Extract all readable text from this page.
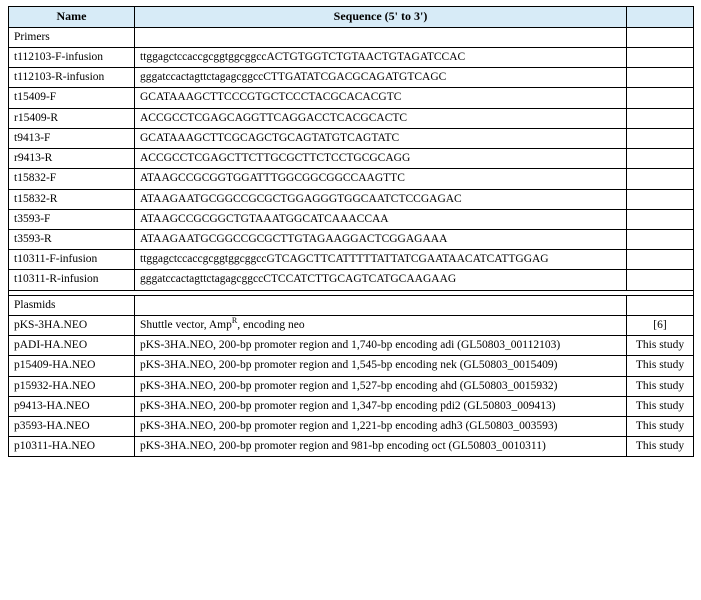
Name	Sequence (5' to 3')	
Primers		
t112103-F-infusion	ttggagctccaccgcggtggcggccACTGTGGTCTGTAACTGTAGATCCAC	
t112103-R-infusion	gggatccactagttctagagcggccCTTGATATCGACGCAGATGTCAGC	
t15409-F	GCATAAAGCTTCCCGTGCTCCCTACGCACACGTC	
r15409-R	ACCGCCTCGAGCAGGTTCAGGACCTCACGCACTC	
t9413-F	GCATAAAGCTTCGCAGCTGCAGTATGTCAGTATC	
r9413-R	ACCGCCTCGAGCTTCTTGCGCTTCTCCTGCGCAGG	
t15832-F	ATAAGCCGCGGTGGATTTGGCGGCGGCCAAGTTC	
t15832-R	ATAAGAATGCGGCCGCGCTGGAGGGTGGCAATCTCCGAGAC	
t3593-F	ATAAGCCGCGGCTGTAAATGGCATCAAACCAA	
t3593-R	ATAAGAATGCGGCCGCGCTTGTAGAAGGACTCGGAGAAA	
t10311-F-infusion	ttggagctccaccgcggtggcggccGTCAGCTTCATTTTTATTATCGAATAACATCATTGGAG	
t10311-R-infusion	gggatccactagttctagagcggccCTCCATCTTGCAGTCATGCAAGAAG	

Plasmids		
pKS-3HA.NEO	Shuttle vector, Amp$^R$, encoding neo	[6]
pADI-HA.NEO	pKS-3HA.NEO, 200-bp promoter region and 1,740-bp encoding adi (GL50803_00112103)	This study
p15409-HA.NEO	pKS-3HA.NEO, 200-bp promoter region and 1,545-bp encoding nek (GL50803_0015409)	This study
p15932-HA.NEO	pKS-3HA.NEO, 200-bp promoter region and 1,527-bp encoding ahd (GL50803_0015932)	This study
p9413-HA.NEO	pKS-3HA.NEO, 200-bp promoter region and 1,347-bp encoding pdi2 (GL50803_009413)	This study
p3593-HA.NEO	pKS-3HA.NEO, 200-bp promoter region and 1,221-bp encoding adh3 (GL50803_003593)	This study
p10311-HA.NEO	pKS-3HA.NEO, 200-bp promoter region and 981-bp encoding oct (GL50803_0010311)	This study
